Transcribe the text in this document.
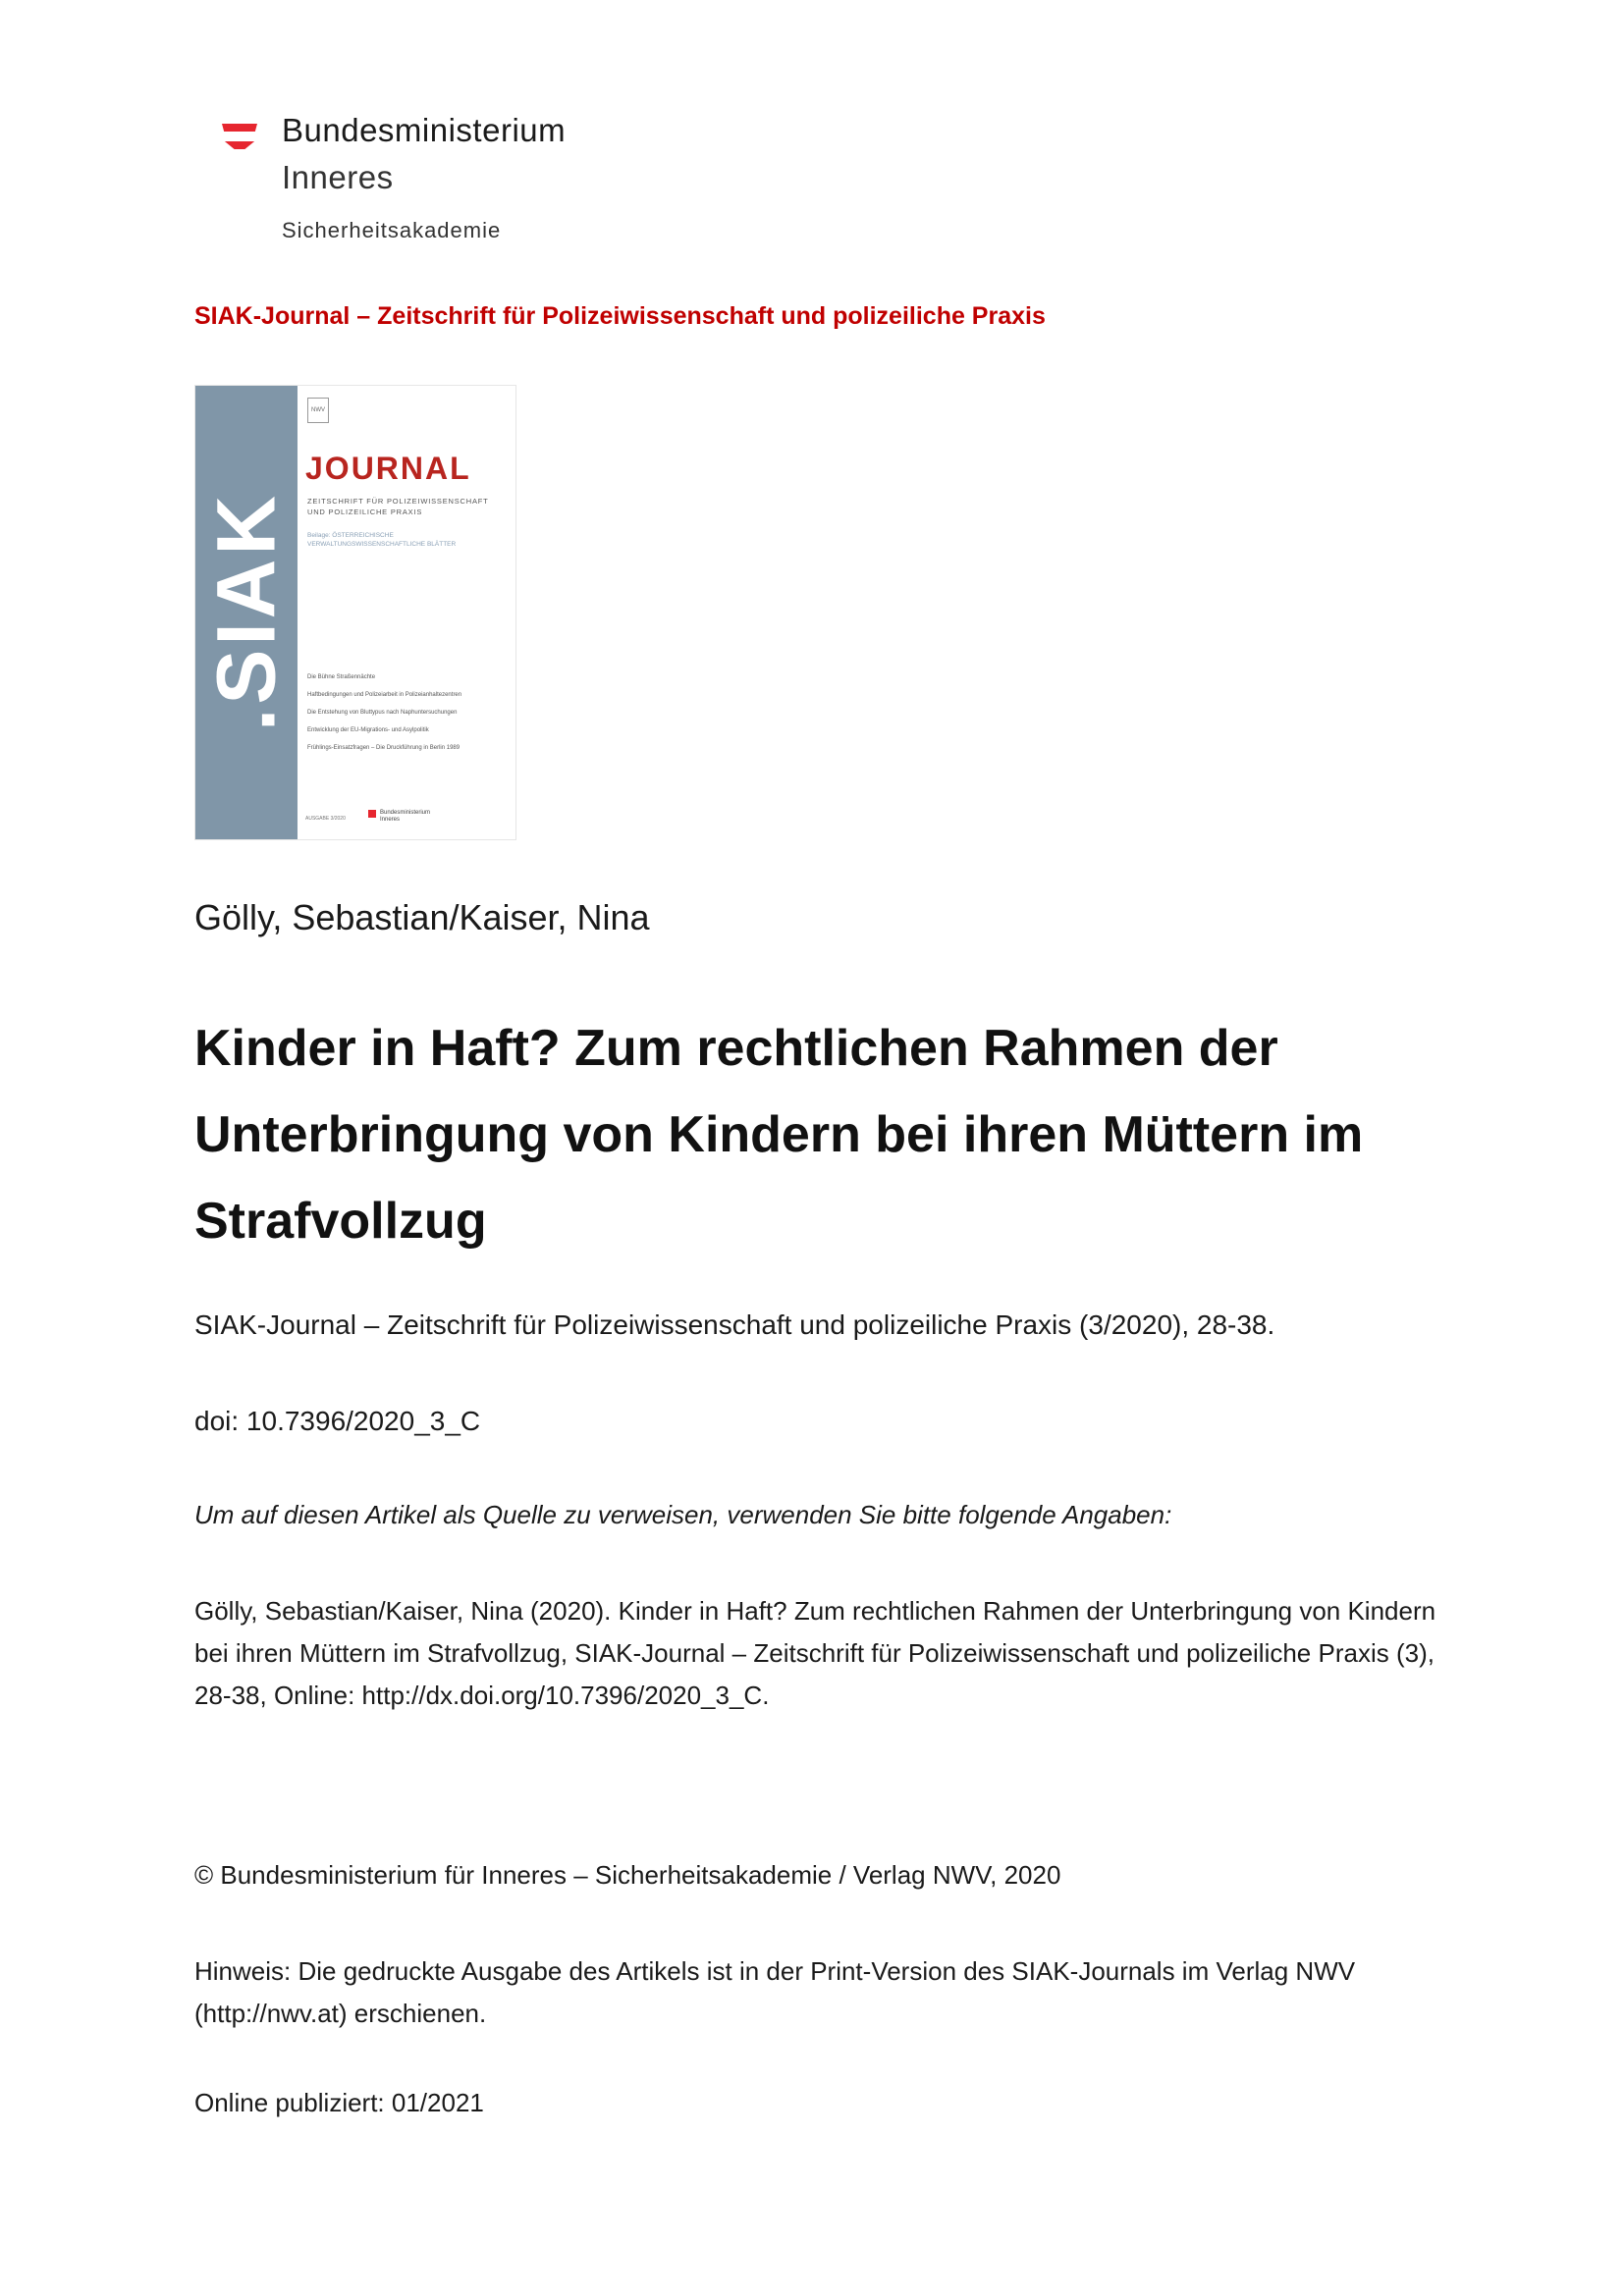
Bundesministerium
Inneres
Sicherheitsakademie
SIAK-Journal – Zeitschrift für Polizeiwissenschaft und polizeiliche Praxis
.SIAK
NWV
JOURNAL
ZEITSCHRIFT FÜR POLIZEIWISSENSCHAFT UND POLIZEILICHE PRAXIS
Beilage: ÖSTERREICHISCHE VERWALTUNGSWISSENSCHAFTLICHE BLÄTTER
Die Bühne Straßennächte
Haftbedingungen und Polizeiarbeit in Polizeianhaltezentren
Die Entstehung von Bluttypus nach Naphuntersuchungen
Entwicklung der EU-Migrations- und Asylpolitik
Frühlings-Einsatzfragen – Die Druckführung in Berlin 1989
AUSGABE 3/2020
Bundesministerium
Inneres
Gölly, Sebastian/Kaiser, Nina
Kinder in Haft? Zum rechtlichen Rahmen der Unterbringung von Kindern bei ihren Müttern im Strafvollzug
SIAK-Journal – Zeitschrift für Polizeiwissenschaft und polizeiliche Praxis (3/2020), 28-38.
doi: 10.7396/2020_3_C
Um auf diesen Artikel als Quelle zu verweisen, verwenden Sie bitte folgende Angaben:
Gölly, Sebastian/Kaiser, Nina (2020). Kinder in Haft? Zum rechtlichen Rahmen der Unterbringung von Kindern bei ihren Müttern im Strafvollzug, SIAK-Journal – Zeitschrift für Polizeiwissenschaft und polizeiliche Praxis (3), 28-38, Online: http://dx.doi.org/10.7396/2020_3_C.
© Bundesministerium für Inneres – Sicherheitsakademie / Verlag NWV, 2020
Hinweis: Die gedruckte Ausgabe des Artikels ist in der Print-Version des SIAK-Journals im Verlag NWV (http://nwv.at) erschienen.
Online publiziert: 01/2021
